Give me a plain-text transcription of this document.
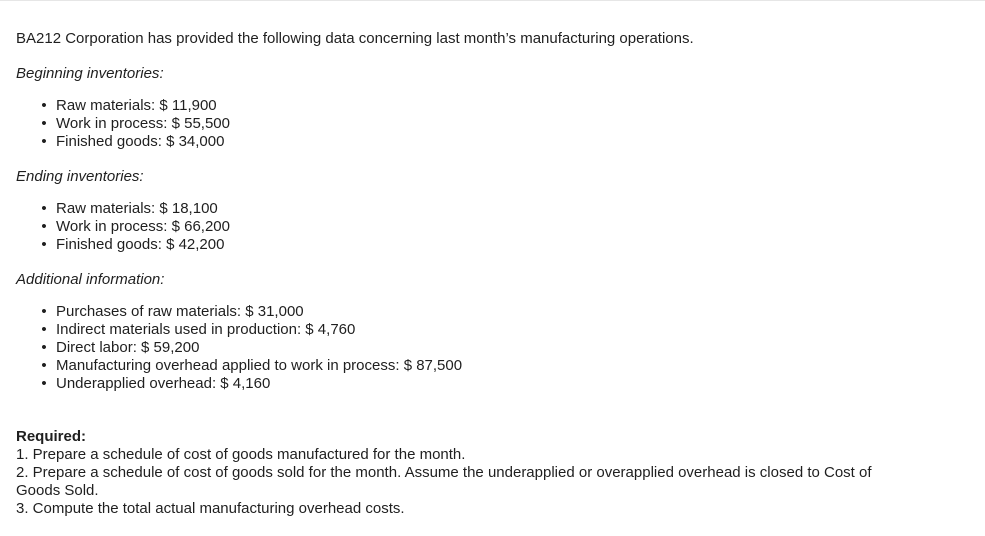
BA212 Corporation has provided the following data concerning last month’s manufacturing operations.

Beginning inventories:

• Raw materials: $ 11,900
• Work in process: $ 55,500
• Finished goods: $ 34,000

Ending inventories:

• Raw materials: $ 18,100
• Work in process: $ 66,200
• Finished goods: $ 42,200

Additional information:

• Purchases of raw materials: $ 31,000
• Indirect materials used in production: $ 4,760
• Direct labor: $ 59,200
• Manufacturing overhead applied to work in process: $ 87,500
• Underapplied overhead: $ 4,160

Required:

1. Prepare a schedule of cost of goods manufactured for the month.

2. Prepare a schedule of cost of goods sold for the month. Assume the underapplied or overapplied overhead is closed to Cost of

Goods Sold.

3. Compute the total actual manufacturing overhead costs.
